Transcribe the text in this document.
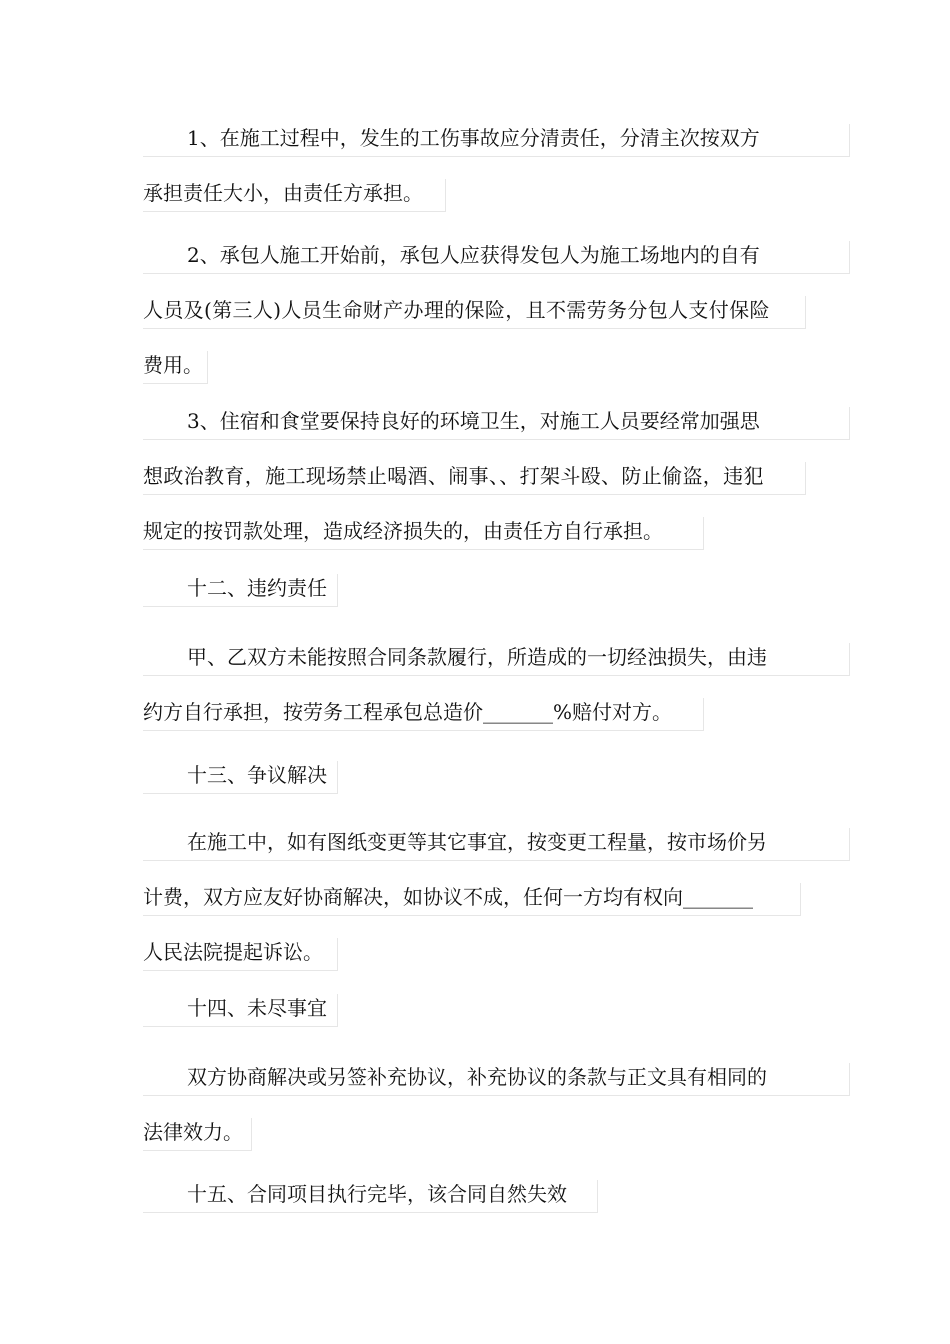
1、在施工过程中，发生的工伤事故应分清责任，分清主次按双方
承担责任大小，由责任方承担。
2、承包人施工开始前，承包人应获得发包人为施工场地内的自有
人员及(第三人)人员生命财产办理的保险，且不需劳务分包人支付保险
费用。
3、住宿和食堂要保持良好的环境卫生，对施工人员要经常加强思
想政治教育，施工现场禁止喝酒、闹事、、打架斗殴、防止偷盗，违犯
规定的按罚款处理，造成经济损失的，由责任方自行承担。
十二、违约责任
甲、乙双方未能按照合同条款履行，所造成的一切经浊损失，由违
约方自行承担，按劳务工程承包总造价_______%赔付对方。
十三、争议解决
在施工中，如有图纸变更等其它事宜，按变更工程量，按市场价另
计费，双方应友好协商解决，如协议不成，任何一方均有权向_______
人民法院提起诉讼。
十四、未尽事宜
双方协商解决或另签补充协议，补充协议的条款与正文具有相同的
法律效力。
十五、合同项目执行完毕，该合同自然失效
